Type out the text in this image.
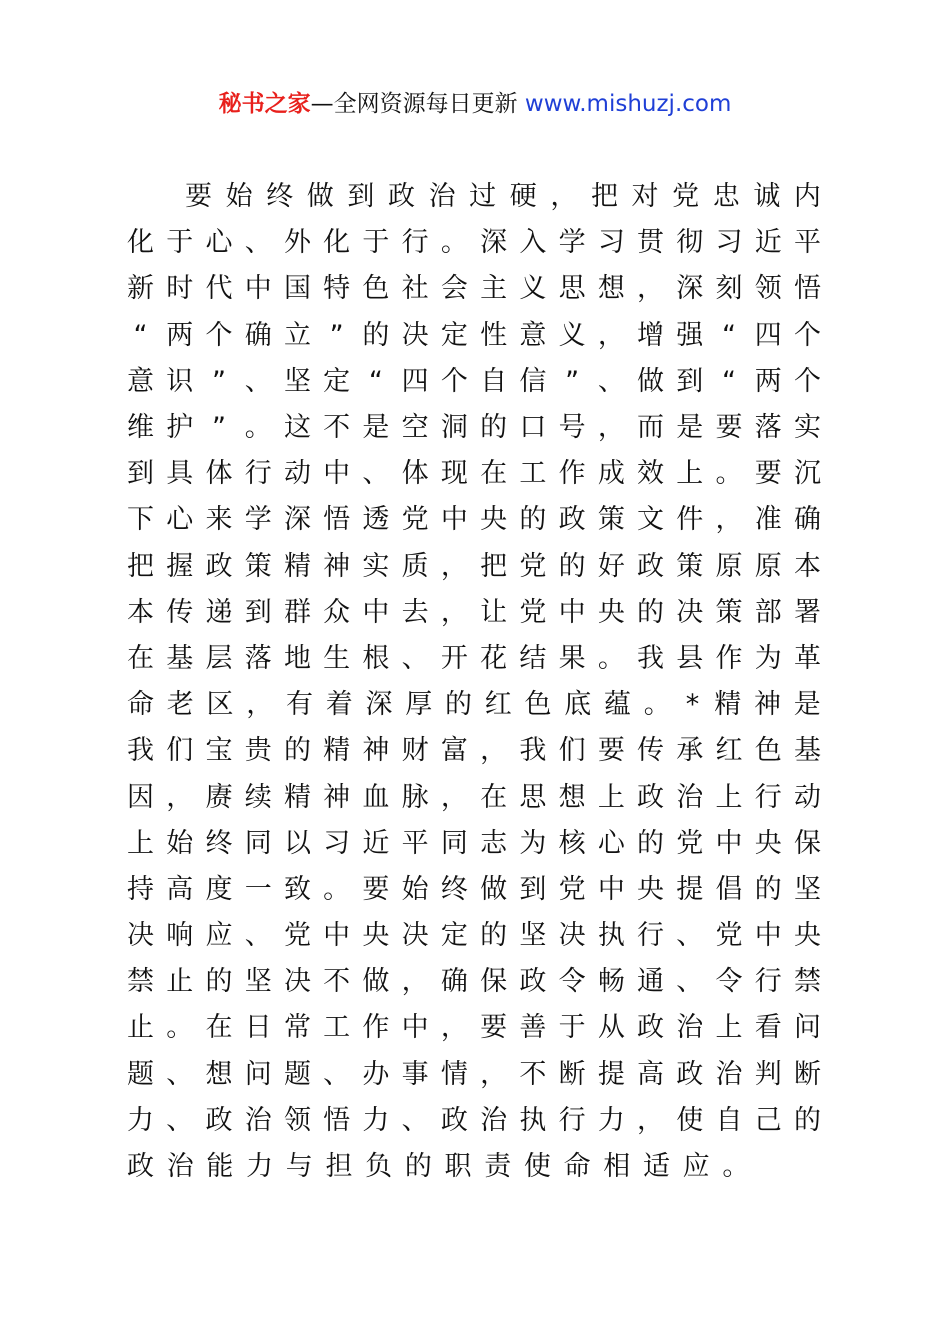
秘书之家—全网资源每日更新 www.mishuzj.com
要 始 终 做 到 政 治 过 硬 ， 把 对 党 忠 诚 内
化 于 心 、 外 化 于 行 。 深 入 学 习 贯 彻 习 近 平
新 时 代 中 国 特 色 社 会 主 义 思 想 ， 深 刻 领 悟
“ 两 个 确 立 ” 的 决 定 性 意 义 ， 增 强 “ 四 个
意 识 ” 、 坚 定 “ 四 个 自 信 ” 、 做 到 “ 两 个
维 护 ” 。 这 不 是 空 洞 的 口 号 ， 而 是 要 落 实
到 具 体 行 动 中 、 体 现 在 工 作 成 效 上 。 要 沉
下 心 来 学 深 悟 透 党 中 央 的 政 策 文 件 ， 准 确
把 握 政 策 精 神 实 质 ， 把 党 的 好 政 策 原 原 本
本 传 递 到 群 众 中 去 ， 让 党 中 央 的 决 策 部 署
在 基 层 落 地 生 根 、 开 花 结 果 。 我 县 作 为 革
命 老 区 ， 有 着 深 厚 的 红 色 底 蕴 。 * 精 神 是
我 们 宝 贵 的 精 神 财 富 ， 我 们 要 传 承 红 色 基
因 ， 赓 续 精 神 血 脉 ， 在 思 想 上 政 治 上 行 动
上 始 终 同 以 习 近 平 同 志 为 核 心 的 党 中 央 保
持 高 度 一 致 。 要 始 终 做 到 党 中 央 提 倡 的 坚
决 响 应 、 党 中 央 决 定 的 坚 决 执 行 、 党 中 央
禁 止 的 坚 决 不 做 ， 确 保 政 令 畅 通 、 令 行 禁
止 。 在 日 常 工 作 中 ， 要 善 于 从 政 治 上 看 问
题 、 想 问 题 、 办 事 情 ， 不 断 提 高 政 治 判 断
力 、 政 治 领 悟 力 、 政 治 执 行 力 ， 使 自 己 的
政 治 能 力 与 担 负 的 职 责 使 命 相 适 应 。
